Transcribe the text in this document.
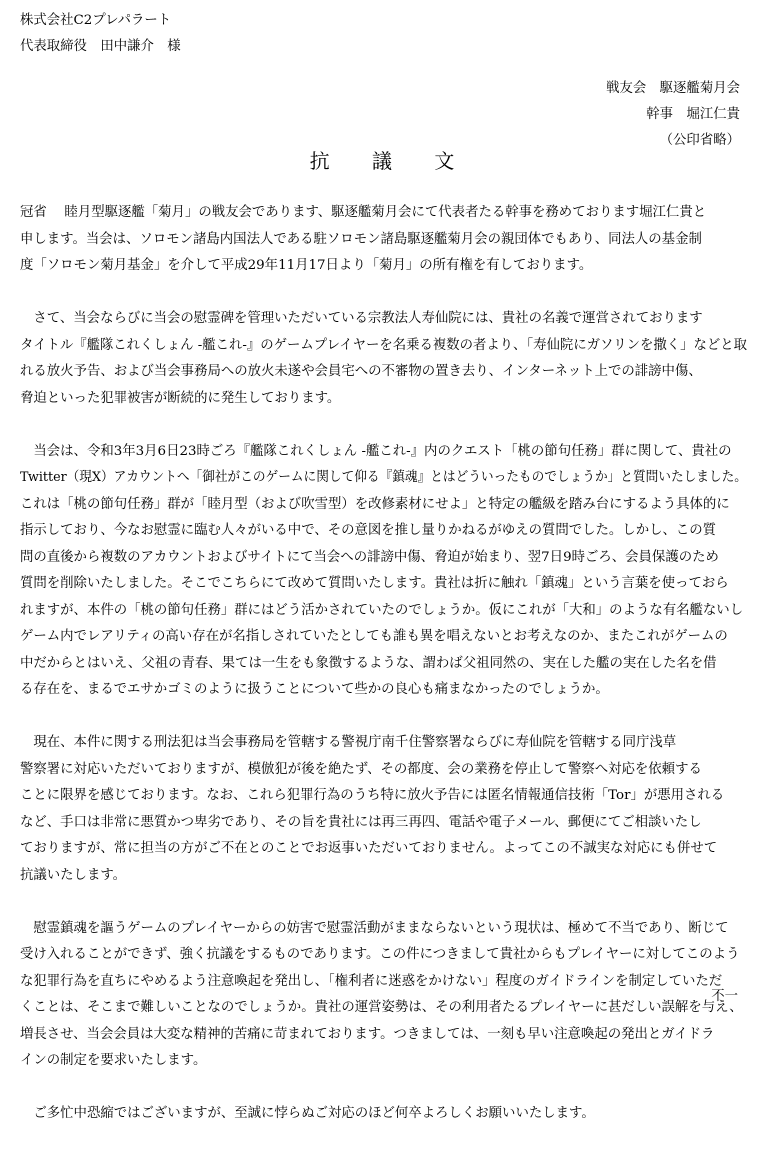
株式会社C2プレパラート
代表取締役　田中謙介　様
戦友会　駆逐艦菊月会
幹事　堀江仁貴
（公印省略）
抗 議 文
冠省　 睦月型駆逐艦「菊月」の戦友会であります、駆逐艦菊月会にて代表者たる幹事を務めております堀江仁貴と
申します。当会は、ソロモン諸島内国法人である駐ソロモン諸島駆逐艦菊月会の親団体でもあり、同法人の基金制
度「ソロモン菊月基金」を介して平成29年11月17日より「菊月」の所有権を有しております。
　さて、当会ならびに当会の慰霊碑を管理いただいている宗教法人寿仙院には、貴社の名義で運営されております
タイトル『艦隊これくしょん -艦これ-』のゲームプレイヤーを名乗る複数の者より、「寿仙院にガソリンを撒く」などと取
れる放火予告、および当会事務局への放火未遂や会員宅への不審物の置き去り、インターネット上での誹謗中傷、
脅迫といった犯罪被害が断続的に発生しております。
　当会は、令和3年3月6日23時ごろ『艦隊これくしょん -艦これ-』内のクエスト「桃の節句任務」群に関して、貴社の
Twitter（現X）アカウントへ「御社がこのゲームに関して仰る『鎮魂』とはどういったものでしょうか」と質問いたしました。
これは「桃の節句任務」群が「睦月型（および吹雪型）を改修素材にせよ」と特定の艦級を踏み台にするよう具体的に
指示しており、今なお慰霊に臨む人々がいる中で、その意図を推し量りかねるがゆえの質問でした。しかし、この質
問の直後から複数のアカウントおよびサイトにて当会への誹謗中傷、脅迫が始まり、翌7日9時ごろ、会員保護のため
質問を削除いたしました。そこでこちらにて改めて質問いたします。貴社は折に触れ「鎮魂」という言葉を使っておら
れますが、本件の「桃の節句任務」群にはどう活かされていたのでしょうか。仮にこれが「大和」のような有名艦ないし
ゲーム内でレアリティの高い存在が名指しされていたとしても誰も異を唱えないとお考えなのか、またこれがゲームの
中だからとはいえ、父祖の青春、果ては一生をも象徴するような、謂わば父祖同然の、実在した艦の実在した名を借
る存在を、まるでエサかゴミのように扱うことについて些かの良心も痛まなかったのでしょうか。
　現在、本件に関する刑法犯は当会事務局を管轄する警視庁南千住警察署ならびに寿仙院を管轄する同庁浅草
警察署に対応いただいておりますが、模倣犯が後を絶たず、その都度、会の業務を停止して警察へ対応を依頼する
ことに限界を感じております。なお、これら犯罪行為のうち特に放火予告には匿名情報通信技術「Tor」が悪用される
など、手口は非常に悪質かつ卑劣であり、その旨を貴社には再三再四、電話や電子メール、郵便にてご相談いたし
ておりますが、常に担当の方がご不在とのことでお返事いただいておりません。よってこの不誠実な対応にも併せて
抗議いたします。
　慰霊鎮魂を謳うゲームのプレイヤーからの妨害で慰霊活動がままならないという現状は、極めて不当であり、断じて
受け入れることができず、強く抗議をするものであります。この件につきまして貴社からもプレイヤーに対してこのよう
な犯罪行為を直ちにやめるよう注意喚起を発出し、「権利者に迷惑をかけない」程度のガイドラインを制定していただ
くことは、そこまで難しいことなのでしょうか。貴社の運営姿勢は、その利用者たるプレイヤーに甚だしい誤解を与え、
増長させ、当会会員は大変な精神的苦痛に苛まれております。つきましては、一刻も早い注意喚起の発出とガイドラ
インの制定を要求いたします。
　ご多忙中恐縮ではございますが、至誠に悖らぬご対応のほど何卒よろしくお願いいたします。
不一
